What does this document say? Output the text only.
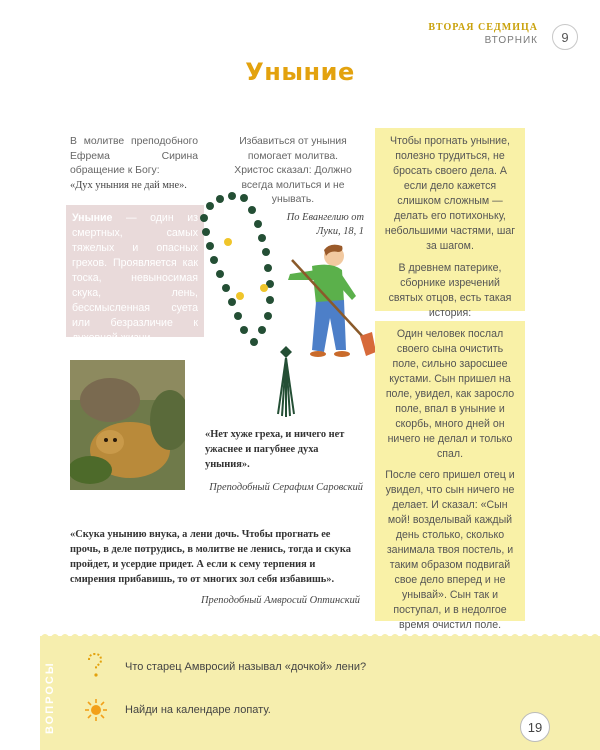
ВТОРАЯ СЕДМИЦА
ВТОРНИК	9
Уныние
В молитве преподобного Ефрема Сирина обращение к Богу:
«Дух уныния не дай мне».
Уныние — один из смертных, самых тяжелых и опасных грехов. Проявляется как тоска, невыносимая скука, лень, бессмысленная суета или безразличие к духовной жизни.

Избавиться от уныния помогает молитва.

Христос сказал: Должно всегда молиться и не унывать.

По Евангелию от Луки, 18, 1
«Нет хуже греха, и ничего нет ужаснее и пагубнее духа уныния».
Преподобный Серафим Саровский

Чтобы прогнать уныние, полезно трудиться, не бросать своего дела. А если дело кажется слишком сложным — делать его потихоньку, небольшими частями, шаг за шагом.

В древнем патерике, сборнике изречений святых отцов, есть такая история:

Один человек послал своего сына очистить поле, сильно заросшее кустами. Сын пришел на поле, увидел, как заросло поле, впал в уныние и скорбь, много дней он ничего не делал и только спал.

После сего пришел отец и увидел, что сын ничего не делает. И сказал: «Сын мой! возделывай каждый день столько, сколько занимала твоя постель, и таким образом подвигай свое дело вперед и не унывай». Сын так и поступал, и в недолгое время очистил поле.

«Скука унынию внука, а лени дочь. Чтобы прогнать ее прочь, в деле потрудись, в молитве не ленись, тогда и скука пройдет, и усердие придет. А если к сему терпения и смирения прибавишь, то от многих зол себя избавишь».
Преподобный Амвросий Оптинский
ВОПРОСЫ	Что старец Амвросий называл «дочкой» лени?
Найди на календаре лопату.
19
